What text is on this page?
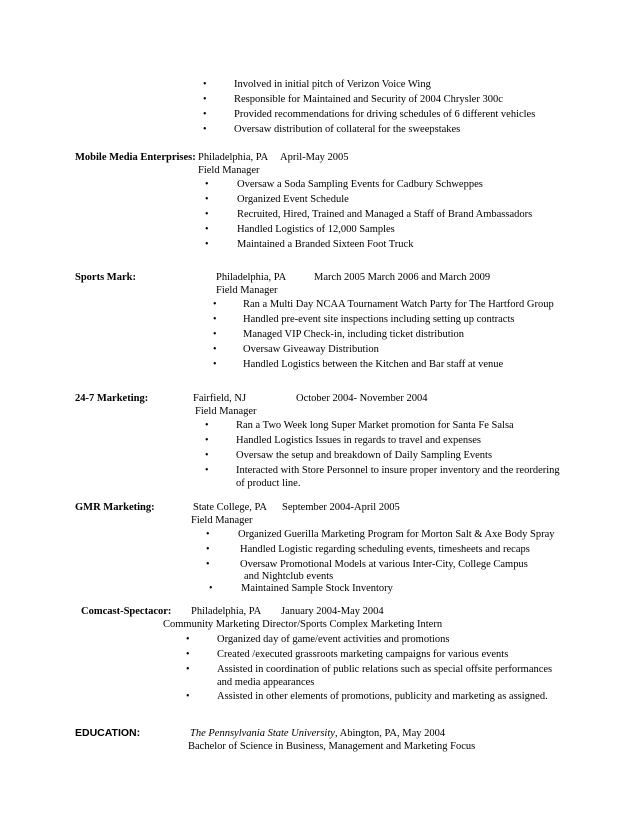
•	Involved in initial pitch of Verizon Voice Wing
•	Responsible for Maintained and Security of 2004 Chrysler 300c
•	Provided recommendations for driving schedules of 6 different vehicles
•	Oversaw distribution of collateral for the sweepstakes
Mobile Media Enterprises: Philadelphia, PA April-May 2005
Field Manager
•	Oversaw a Soda Sampling Events for Cadbury Schweppes
•	Organized Event Schedule
•	Recruited, Hired, Trained and Managed a Staff of Brand Ambassadors
•	Handled Logistics of 12,000 Samples
•	Maintained a Branded Sixteen Foot Truck
Sports Mark:	Philadelphia, PA	March 2005 March 2006 and March 2009
Field Manager
•	Ran a Multi Day NCAA Tournament Watch Party for The Hartford Group
•	Handled pre-event site inspections including setting up contracts
•	Managed VIP Check-in, including ticket distribution
•	Oversaw Giveaway Distribution
•	Handled Logistics between the Kitchen and Bar staff at venue
24-7 Marketing:	Fairfield, NJ	October 2004- November 2004
Field Manager
•	Ran a Two Week long Super Market promotion for Santa Fe Salsa
•	Handled Logistics Issues in regards to travel and expenses
•	Oversaw the setup and breakdown of Daily Sampling Events
•	Interacted with Store Personnel to insure proper inventory and the reordering
of product line.
GMR Marketing:	State College, PA September 2004-April 2005
Field Manager
•	Organized Guerilla Marketing Program for Morton Salt & Axe Body Spray
•	Handled Logistic regarding scheduling events, timesheets and recaps
•	Oversaw Promotional Models at various Inter-City, College Campus
and Nightclub events
•	Maintained Sample Stock Inventory
Comcast-Spectacor: Philadelphia, PA January 2004-May 2004
Community Marketing Director/Sports Complex Marketing Intern
•	Organized day of game/event activities and promotions
•	Created /executed grassroots marketing campaigns for various events
•	Assisted in coordination of public relations such as special offsite performances
and media appearances
•	Assisted in other elements of promotions, publicity and marketing as assigned.
EDUCATION:	The Pennsylvania State University, Abington, PA, May 2004
Bachelor of Science in Business, Management and Marketing Focus
